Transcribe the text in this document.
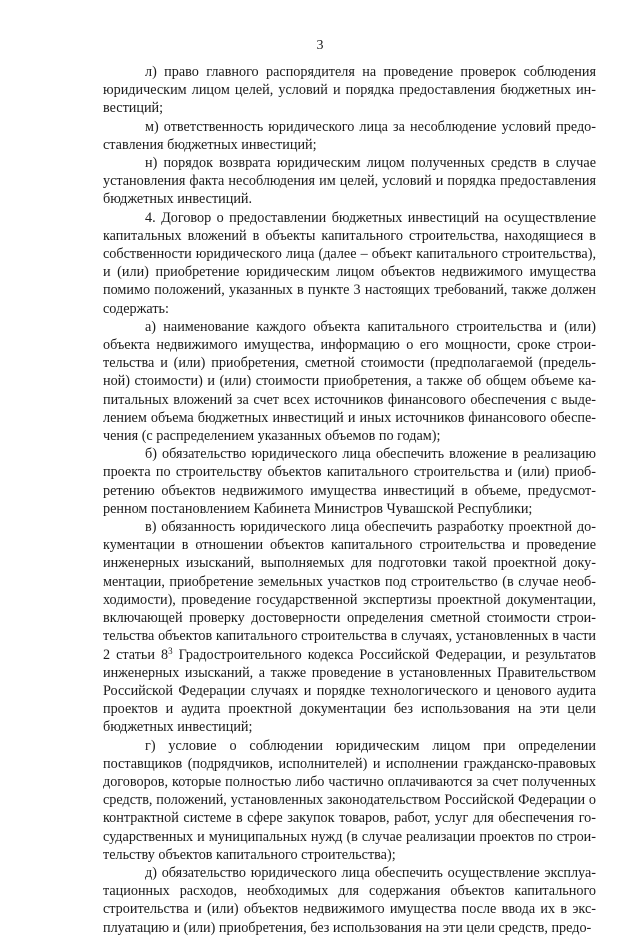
3

л) право главного распорядителя на проведение проверок соблюдения юридическим лицом целей, условий и порядка предоставления бюджетных инвестиций;

м) ответственность юридического лица за несоблюдение условий предоставления бюджетных инвестиций;

н) порядок возврата юридическим лицом полученных средств в случае установления факта несоблюдения им целей, условий и порядка предоставления бюджетных инвестиций.

4. Договор о предоставлении бюджетных инвестиций на осуществление капитальных вложений в объекты капитального строительства, находящиеся в собственности юридического лица (далее – объект капитального строительства), и (или) приобретение юридическим лицом объектов недвижимого имущества помимо положений, указанных в пункте 3 настоящих требований, также должен содержать:

а) наименование каждого объекта капитального строительства и (или) объекта недвижимого имущества, информацию о его мощности, сроке строительства и (или) приобретения, сметной стоимости (предполагаемой (предельной) стоимости) и (или) стоимости приобретения, а также об общем объеме капитальных вложений за счет всех источников финансового обеспечения с выделением объема бюджетных инвестиций и иных источников финансового обеспечения (с распределением указанных объемов по годам);

б) обязательство юридического лица обеспечить вложение в реализацию проекта по строительству объектов капитального строительства и (или) приобретению объектов недвижимого имущества инвестиций в объеме, предусмотренном постановлением Кабинета Министров Чувашской Республики;

в) обязанность юридического лица обеспечить разработку проектной документации в отношении объектов капитального строительства и проведение инженерных изысканий, выполняемых для подготовки такой проектной документации, приобретение земельных участков под строительство (в случае необходимости), проведение государственной экспертизы проектной документации, включающей проверку достоверности определения сметной стоимости строительства объектов капитального строительства в случаях, установленных в части 2 статьи $8^3$ Градостроительного кодекса Российской Федерации, и результатов инженерных изысканий, а также проведение в установленных Правительством Российской Федерации случаях и порядке технологического и ценового аудита проектов и аудита проектной документации без использования на эти цели бюджетных инвестиций;

г) условие о соблюдении юридическим лицом при определении поставщиков (подрядчиков, исполнителей) и исполнении гражданско-правовых договоров, которые полностью либо частично оплачиваются за счет полученных средств, положений, установленных законодательством Российской Федерации о контрактной системе в сфере закупок товаров, работ, услуг для обеспечения государственных и муниципальных нужд (в случае реализации проектов по строительству объектов капитального строительства);

д) обязательство юридического лица обеспечить осуществление эксплуатационных расходов, необходимых для содержания объектов капитального строительства и (или) объектов недвижимого имущества после ввода их в эксплуатацию и (или) приобретения, без использования на эти цели средств, предо-
